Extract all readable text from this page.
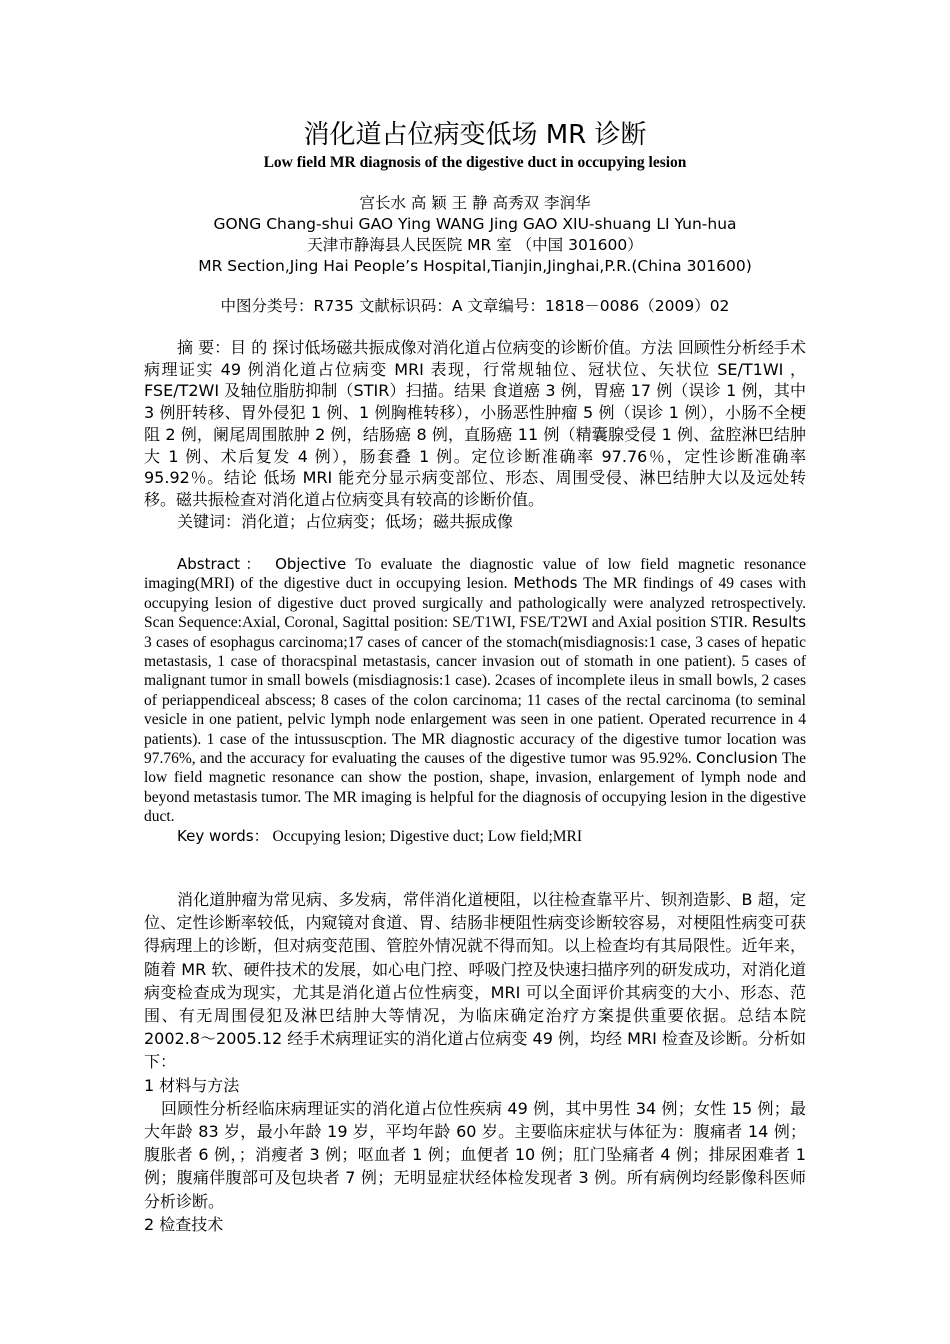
消化道占位病变低场 MR 诊断
Low field MR diagnosis of the digestive duct in occupying lesion
宫长水 高 颖 王 静 高秀双 李润华
GONG Chang-shui GAO Ying WANG Jing GAO XIU-shuang LI Yun-hua
天津市静海县人民医院 MR 室 （中国 301600）
MR Section,Jing Hai People’s Hospital,Tianjin,Jinghai,P.R.(China 301600)
中图分类号：R735 文献标识码：A 文章编号：1818－0086（2009）02

摘 要：目 的 探讨低场磁共振成像对消化道占位病变的诊断价值。方法 回顾性分析经手术病理证实 49 例消化道占位病变 MRI 表现，行常规轴位、冠状位、矢状位 SE/T1WI ，FSE/T2WI 及轴位脂肪抑制（STIR）扫描。结果 食道癌 3 例，胃癌 17 例（误诊 1 例，其中 3 例肝转移、胃外侵犯 1 例、1 例胸椎转移），小肠恶性肿瘤 5 例（误诊 1 例），小肠不全梗阻 2 例，阑尾周围脓肿 2 例，结肠癌 8 例，直肠癌 11 例（精囊腺受侵 1 例、盆腔淋巴结肿大 1 例、术后复发 4 例），肠套叠 1 例。定位诊断准确率 97.76％，定性诊断准确率 95.92％。结论 低场 MRI 能充分显示病变部位、形态、周围受侵、淋巴结肿大以及远处转移。磁共振检查对消化道占位病变具有较高的诊断价值。

关键词：消化道；占位病变；低场；磁共振成像

Abstract： Objective To evaluate the diagnostic value of low field magnetic resonance imaging(MRI) of the digestive duct in occupying lesion. Methods The MR findings of 49 cases with occupying lesion of digestive duct proved surgically and pathologically were analyzed retrospectively. Scan Sequence:Axial, Coronal, Sagittal position: SE/T1WI, FSE/T2WI and Axial position STIR. Results 3 cases of esophagus carcinoma;17 cases of cancer of the stomach(misdiagnosis:1 case, 3 cases of hepatic metastasis, 1 case of thoracspinal metastasis, cancer invasion out of stomath in one patient). 5 cases of malignant tumor in small bowels (misdiagnosis:1 case). 2cases of incomplete ileus in small bowls, 2 cases of periappendiceal abscess; 8 cases of the colon carcinoma; 11 cases of the rectal carcinoma (to seminal vesicle in one patient, pelvic lymph node enlargement was seen in one patient. Operated recurrence in 4 patients). 1 case of the intussuscption. The MR diagnostic accuracy of the digestive tumor location was 97.76%, and the accuracy for evaluating the causes of the digestive tumor was 95.92%. Conclusion The low field magnetic resonance can show the postion, shape, invasion, enlargement of lymph node and beyond metastasis tumor. The MR imaging is helpful for the diagnosis of occupying lesion in the digestive duct.

Key words： Occupying lesion; Digestive duct; Low field;MRI

消化道肿瘤为常见病、多发病，常伴消化道梗阻，以往检查靠平片、钡剂造影、B 超，定位、定性诊断率较低，内窥镜对食道、胃、结肠非梗阻性病变诊断较容易，对梗阻性病变可获得病理上的诊断，但对病变范围、管腔外情况就不得而知。以上检查均有其局限性。近年来，随着 MR 软、硬件技术的发展，如心电门控、呼吸门控及快速扫描序列的研发成功，对消化道病变检查成为现实，尤其是消化道占位性病变，MRI 可以全面评价其病变的大小、形态、范围、有无周围侵犯及淋巴结肿大等情况，为临床确定治疗方案提供重要依据。总结本院 2002.8～2005.12 经手术病理证实的消化道占位病变 49 例，均经 MRI 检查及诊断。分析如下：

1 材料与方法

回顾性分析经临床病理证实的消化道占位性疾病 49 例，其中男性 34 例；女性 15 例；最大年龄 83 岁，最小年龄 19 岁，平均年龄 60 岁。主要临床症状与体征为：腹痛者 14 例；腹胀者 6 例，；消瘦者 3 例；呕血者 1 例；血便者 10 例；肛门坠痛者 4 例；排尿困难者 1 例；腹痛伴腹部可及包块者 7 例；无明显症状经体检发现者 3 例。所有病例均经影像科医师分析诊断。

2 检查技术
